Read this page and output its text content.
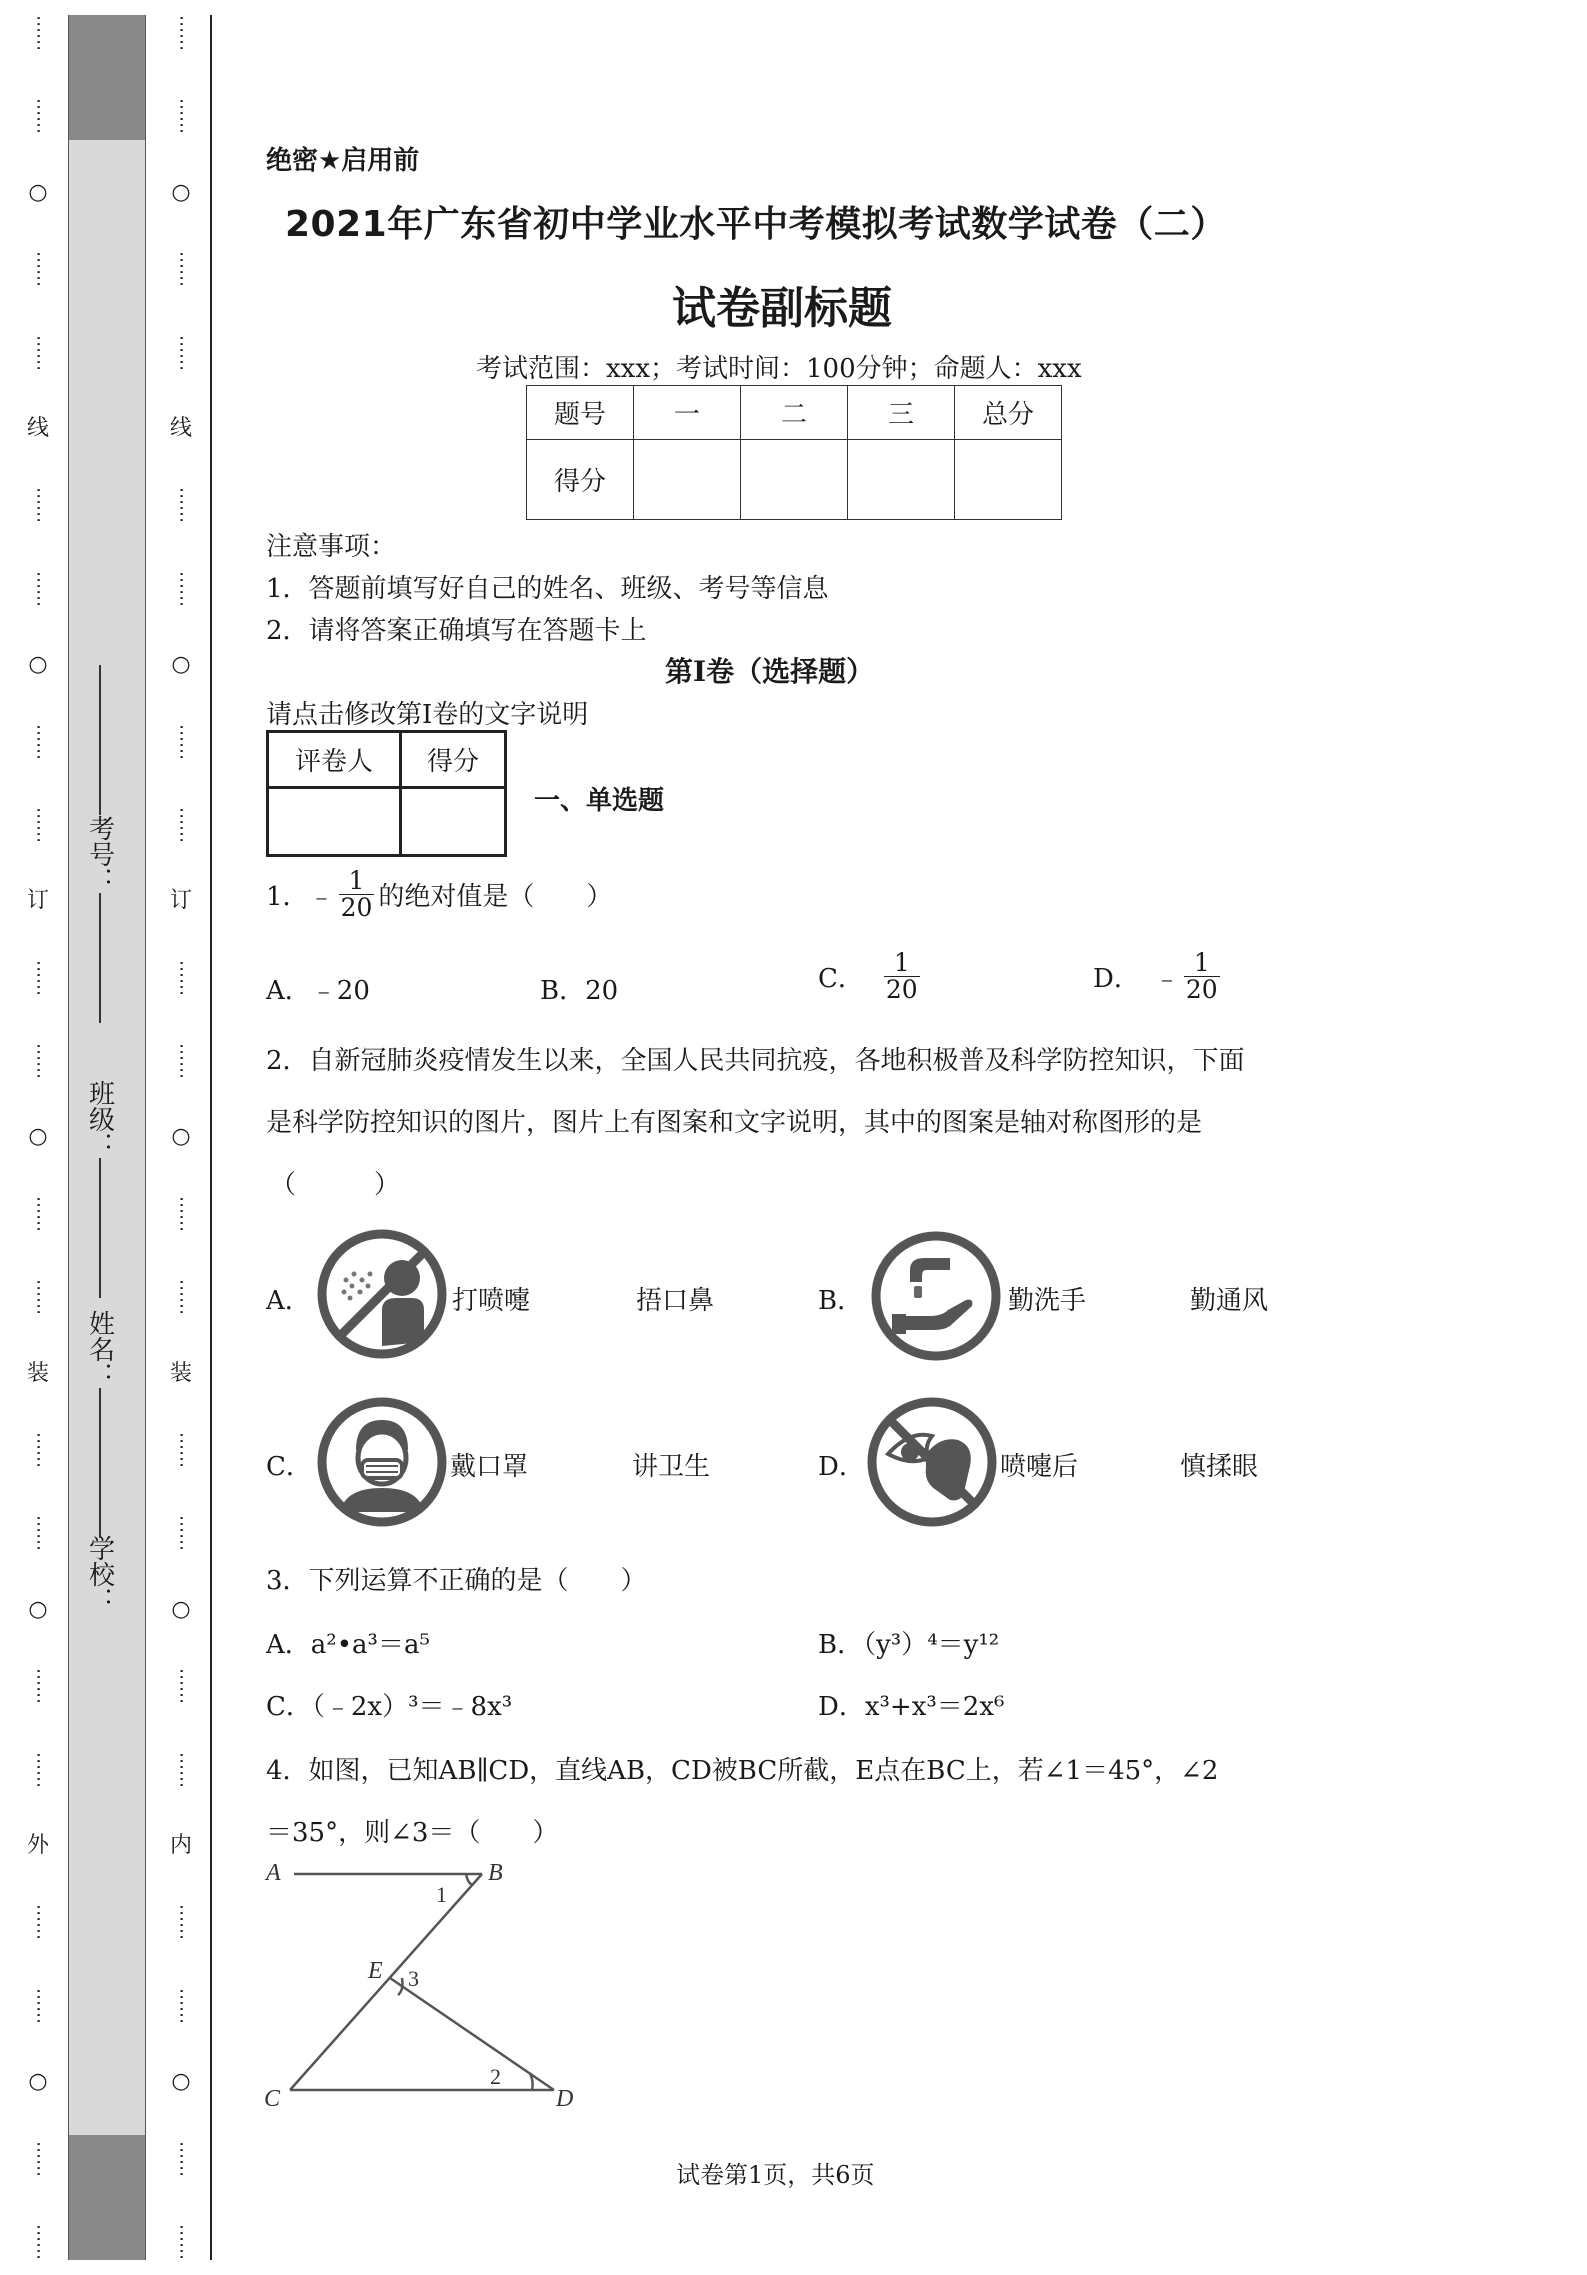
⋯⋯
⋯⋯
○
⋯⋯
⋯⋯
线
⋯⋯
⋯⋯
○
⋯⋯
⋯⋯
订
⋯⋯
⋯⋯
○
⋯⋯
⋯⋯
装
⋯⋯
⋯⋯
○
⋯⋯
⋯⋯
外
⋯⋯
⋯⋯
○
⋯⋯
⋯⋯
⋯⋯
⋯⋯
○
⋯⋯
⋯⋯
线
⋯⋯
⋯⋯
○
⋯⋯
⋯⋯
订
⋯⋯
⋯⋯
○
⋯⋯
⋯⋯
装
⋯⋯
⋯⋯
○
⋯⋯
⋯⋯
内
⋯⋯
⋯⋯
○
⋯⋯
⋯⋯
考号：
班级：
姓名：
学校：
绝密★启用前
2021年广东省初中学业水平中考模拟考试数学试卷（二）
试卷副标题
考试范围：xxx；考试时间：100分钟；命题人：xxx
题号	一	二	三	总分
得分				
注意事项：
1．答题前填写好自己的姓名、班级、考号等信息
2．请将答案正确填写在答题卡上
第I卷（选择题）
请点击修改第I卷的文字说明
评卷人	得分

一、单选题
1． ﹣ $\frac{1}{20}$ 的绝对值是（　　）
A．﹣20	B．20	C． $\frac{1}{20}$	D． ﹣ $\frac{1}{20}$
2．自新冠肺炎疫情发生以来，全国人民共同抗疫，各地积极普及科学防控知识，下面
是科学防控知识的图片，图片上有图案和文字说明，其中的图案是轴对称图形的是
（　　　）
A．	打喷嚏	捂口鼻	B．	勤洗手	勤通风
C．	戴口罩	讲卫生	D．	喷嚏后	慎揉眼
3．下列运算不正确的是（　　）
A．a²•a³＝a⁵	B．（y³）⁴＝y¹²
C．（﹣2x）³＝﹣8x³	D．x³+x³＝2x⁶
4．如图，已知AB∥CD，直线AB，CD被BC所截，E点在BC上，若∠1＝45°，∠2
＝35°，则∠3＝（　　）
A	B
E
C	D
1
3
2
试卷第1页，共6页
